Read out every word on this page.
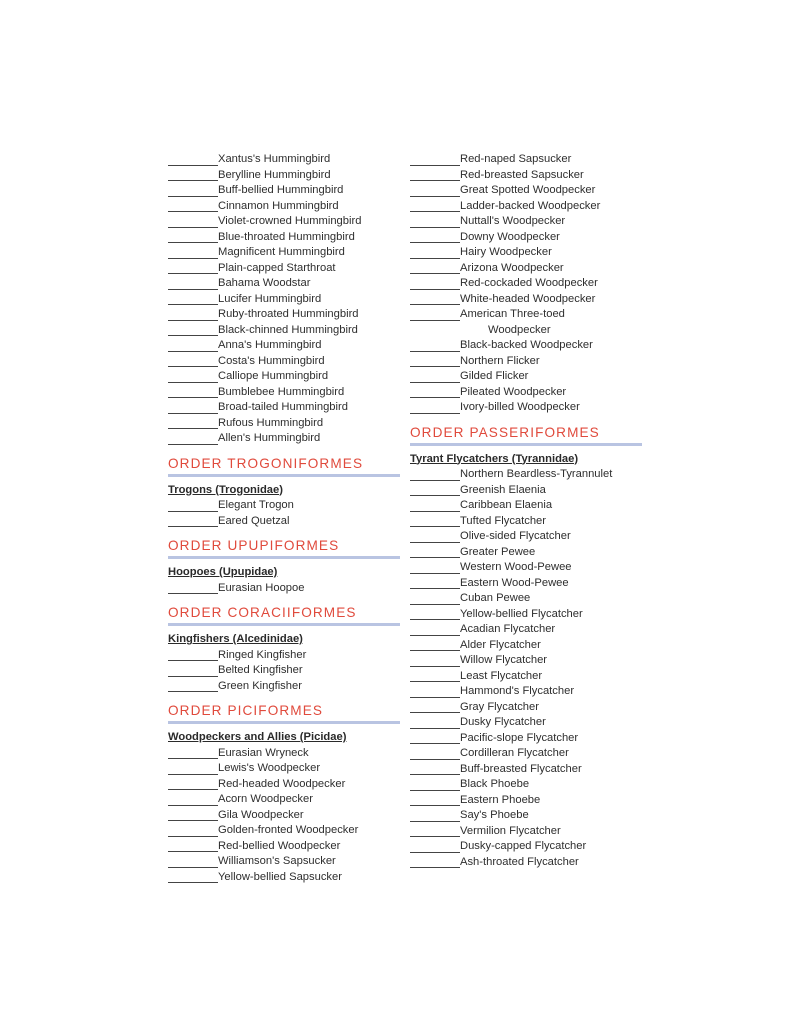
Xantus's Hummingbird
Berylline Hummingbird
Buff-bellied Hummingbird
Cinnamon Hummingbird
Violet-crowned Hummingbird
Blue-throated Hummingbird
Magnificent Hummingbird
Plain-capped Starthroat
Bahama Woodstar
Lucifer Hummingbird
Ruby-throated Hummingbird
Black-chinned Hummingbird
Anna's Hummingbird
Costa's Hummingbird
Calliope Hummingbird
Bumblebee Hummingbird
Broad-tailed Hummingbird
Rufous Hummingbird
Allen's Hummingbird
ORDER TROGONIFORMES
Trogons (Trogonidae)
Elegant Trogon
Eared Quetzal
ORDER UPUPIFORMES
Hoopoes (Upupidae)
Eurasian Hoopoe
ORDER CORACIIFORMES
Kingfishers (Alcedinidae)
Ringed Kingfisher
Belted Kingfisher
Green Kingfisher
ORDER PICIFORMES
Woodpeckers and Allies (Picidae)
Eurasian Wryneck
Lewis's Woodpecker
Red-headed Woodpecker
Acorn Woodpecker
Gila Woodpecker
Golden-fronted Woodpecker
Red-bellied Woodpecker
Williamson's Sapsucker
Yellow-bellied Sapsucker
Red-naped Sapsucker
Red-breasted Sapsucker
Great Spotted Woodpecker
Ladder-backed Woodpecker
Nuttall's Woodpecker
Downy Woodpecker
Hairy Woodpecker
Arizona Woodpecker
Red-cockaded Woodpecker
White-headed Woodpecker
American Three-toed
Woodpecker
Black-backed Woodpecker
Northern Flicker
Gilded Flicker
Pileated Woodpecker
Ivory-billed Woodpecker
ORDER PASSERIFORMES
Tyrant Flycatchers (Tyrannidae)
Northern Beardless-Tyrannulet
Greenish Elaenia
Caribbean Elaenia
Tufted Flycatcher
Olive-sided Flycatcher
Greater Pewee
Western Wood-Pewee
Eastern Wood-Pewee
Cuban Pewee
Yellow-bellied Flycatcher
Acadian Flycatcher
Alder Flycatcher
Willow Flycatcher
Least Flycatcher
Hammond's Flycatcher
Gray Flycatcher
Dusky Flycatcher
Pacific-slope Flycatcher
Cordilleran Flycatcher
Buff-breasted Flycatcher
Black Phoebe
Eastern Phoebe
Say's Phoebe
Vermilion Flycatcher
Dusky-capped Flycatcher
Ash-throated Flycatcher
